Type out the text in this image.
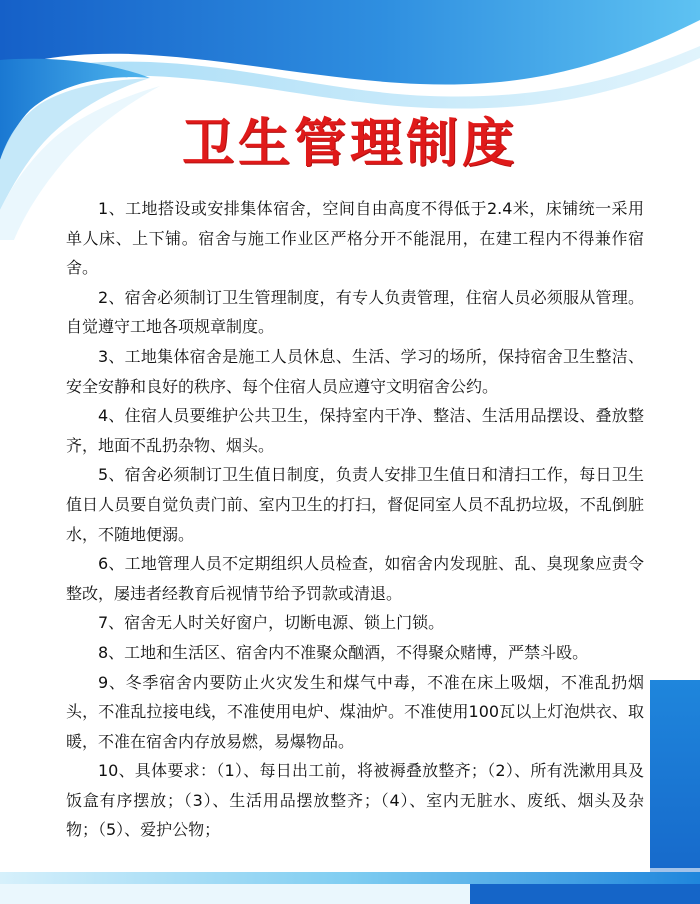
卫生管理制度

1、工地搭设或安排集体宿舍，空间自由高度不得低于2.4米，床铺统一采用单人床、上下铺。宿舍与施工作业区严格分开不能混用，在建工程内不得兼作宿舍。

2、宿舍必须制订卫生管理制度，有专人负责管理，住宿人员必须服从管理。自觉遵守工地各项规章制度。

3、工地集体宿舍是施工人员休息、生活、学习的场所，保持宿舍卫生整洁、安全安静和良好的秩序、每个住宿人员应遵守文明宿舍公约。

4、住宿人员要维护公共卫生，保持室内干净、整洁、生活用品摆设、叠放整齐，地面不乱扔杂物、烟头。

5、宿舍必须制订卫生值日制度，负责人安排卫生值日和清扫工作，每日卫生值日人员要自觉负责门前、室内卫生的打扫，督促同室人员不乱扔垃圾，不乱倒脏水，不随地便溺。

6、工地管理人员不定期组织人员检查，如宿舍内发现脏、乱、臭现象应责令整改，屡违者经教育后视情节给予罚款或清退。

7、宿舍无人时关好窗户，切断电源、锁上门锁。

8、工地和生活区、宿舍内不准聚众酗酒，不得聚众赌博，严禁斗殴。

9、冬季宿舍内要防止火灾发生和煤气中毒，不准在床上吸烟，不准乱扔烟头，不准乱拉接电线，不准使用电炉、煤油炉。不准使用100瓦以上灯泡烘衣、取暖，不准在宿舍内存放易燃，易爆物品。

10、具体要求：（1）、每日出工前，将被褥叠放整齐；（2）、所有洗漱用具及饭盒有序摆放；（3）、生活用品摆放整齐；（4）、室内无脏水、废纸、烟头及杂物；（5）、爱护公物；
